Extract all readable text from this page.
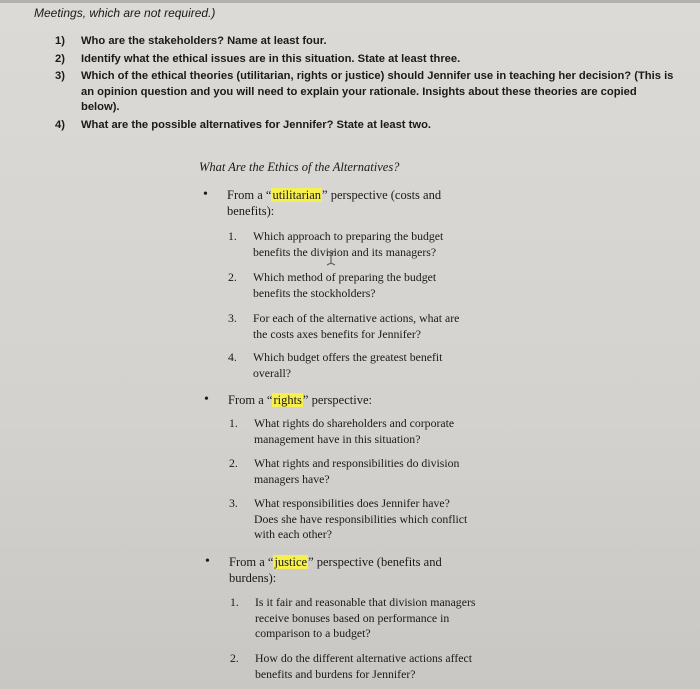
Meetings, which are not required.)
1) Who are the stakeholders? Name at least four.
2) Identify what the ethical issues are in this situation. State at least three.
3) Which of the ethical theories (utilitarian, rights or justice) should Jennifer use in teaching her decision? (This is
an opinion question and you will need to explain your rationale. Insights about these theories are copied
below).
4) What are the possible alternatives for Jennifer? State at least two.
What Are the Ethics of the Alternatives?
• From a “utilitarian” perspective (costs and
benefits):
1. Which approach to preparing the budget
benefits the division and its managers?
2. Which method of preparing the budget
benefits the stockholders?
3. For each of the alternative actions, what are
the costs axes benefits for Jennifer?
4. Which budget offers the greatest benefit
overall?
• From a “rights” perspective:
1. What rights do shareholders and corporate
management have in this situation?
2. What rights and responsibilities do division
managers have?
3. What responsibilities does Jennifer have?
Does she have responsibilities which conflict
with each other?
• From a “justice” perspective (benefits and
burdens):
1. Is it fair and reasonable that division managers
receive bonuses based on performance in
comparison to a budget?
2. How do the different alternative actions affect
benefits and burdens for Jennifer?
